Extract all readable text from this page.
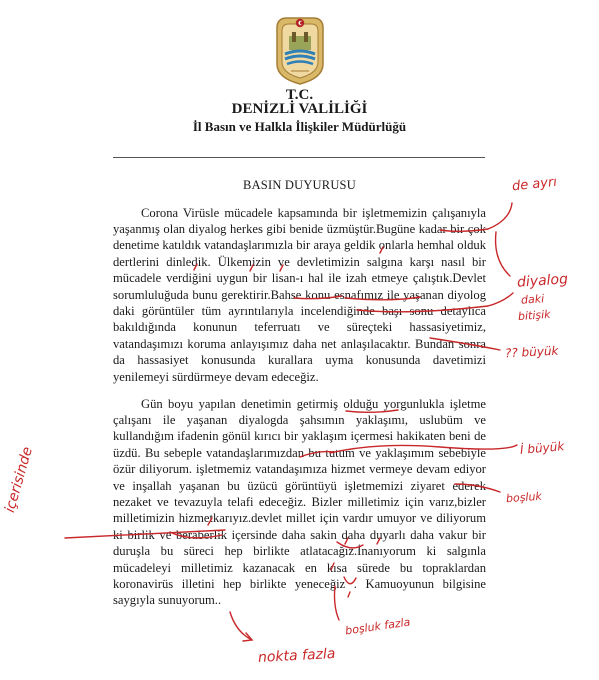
T.C.
DENİZLİ VALİLİĞİ
İl Basın ve Halkla İlişkiler Müdürlüğü
BASIN DUYURUSU

Corona Virüsle mücadele kapsamında bir işletmemizin çalışanıyla yaşanmış olan diyalog herkes gibi benide üzmüştür.Bugüne kadar bir çok denetime katıldık vatandaşlarımızla bir araya geldik onlarla hemhal olduk dertlerini dinledik. Ülkemizin ve devletimizin salgına karşı nasıl bir mücadele verdiğini uygun bir lisan-ı hal ile izah etmeye çalıştık.Devlet sorumluluğuda bunu gerektirir.Bahse konu esnafımız ile yaşanan diyolog daki görüntüler tüm ayrıntılarıyla incelendiğinde başı sonu detaylıca bakıldığında konunun teferruatı ve süreçteki hassasiyetimiz, vatandaşımızı koruma anlayışımız daha net anlaşılacaktır. Bundan sonra da hassasiyet konusunda kurallara uyma konusunda davetimizi yenilemeyi sürdürmeye devam edeceğiz.

Gün boyu yapılan denetimin getirmiş olduğu yorgunlukla işletme çalışanı ile yaşanan diyalogda şahsımın yaklaşımı, uslubüm ve kullandığım ifadenin gönül kırıcı bir yaklaşım içermesi hakikaten beni de üzdü. Bu sebeple vatandaşlarımızdan bu tutum ve yaklaşımım sebebiyle özür diliyorum. işletmemiz vatandaşımıza hizmet vermeye devam ediyor ve inşallah yaşanan bu üzücü görüntüyü işletmemizi ziyaret ederek nezaket ve tevazuyla telafi edeceğiz. Bizler milletimiz için varız,bizler milletimizin hizmetkarıyız.devlet millet için vardır umuyor ve diliyorum ki birlik ve beraberlik içersinde daha sakin daha duyarlı daha vakur bir duruşla bu süreci hep birlikte atlatacağız.İnanıyorum ki salgınla mücadeleyi milletimiz kazanacak en kısa sürede bu topraklardan koronavirüs illetini hep birlikte yeneceğiz . Kamuoyunun bilgisine saygıyla sunuyorum..

de ayrı
diyalog
daki
bitişik
?? büyük
İ büyük
boşluk
içerisinde
boşluk fazla
nokta fazla
